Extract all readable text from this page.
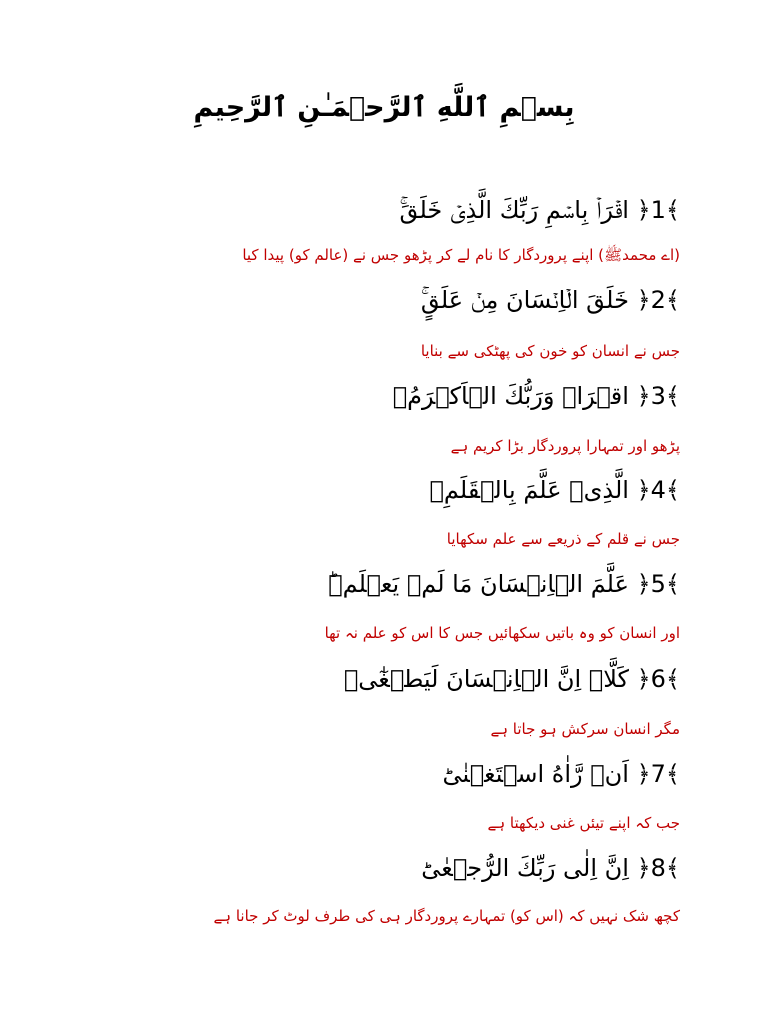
بِسۡمِ ٱللَّهِ ٱلرَّحۡمَـٰنِ ٱلرَّحِيمِ
﴿1﴾ اقۡرَاۡ بِاسۡمِ رَبِّكَ الَّذِىۡ خَلَقَ‌ۚ
(اے محمدﷺ) اپنے پروردگار کا نام لے کر پڑھو جس نے (عالم کو) پیدا کیا
﴿2﴾ خَلَقَ الۡاِنۡسَانَ مِنۡ عَلَقٍ‌ۚ
جس نے انسان کو خون کی پھٹکی سے بنایا
﴿3﴾ اقۡرَاۡ وَرَبُّكَ الۡاَكۡرَمُۙ
پڑھو اور تمہارا پروردگار بڑا کریم ہے
﴿4﴾ الَّذِىۡ عَلَّمَ بِالۡقَلَمِۙ
جس نے قلم کے ذریعے سے علم سکھایا
﴿5﴾ عَلَّمَ الۡاِنۡسَانَ مَا لَمۡ يَعۡلَمۡؕ
اور انسان کو وہ باتیں سکھائیں جس کا اس کو علم نہ تھا
﴿6﴾ كَلَّاۤ اِنَّ الۡاِنۡسَانَ لَيَطۡغٰٓىۙ
مگر انسان سرکش ہو جاتا ہے
﴿7﴾ اَنۡ رَّاٰهُ اسۡتَغۡنٰىؕ
جب کہ اپنے تیئں غنی دیکھتا ہے
﴿8﴾ اِنَّ اِلٰى رَبِّكَ الرُّجۡعٰىؕ
کچھ شک نہیں کہ (اس کو) تمہارے پروردگار ہی کی طرف لوٹ کر جانا ہے
